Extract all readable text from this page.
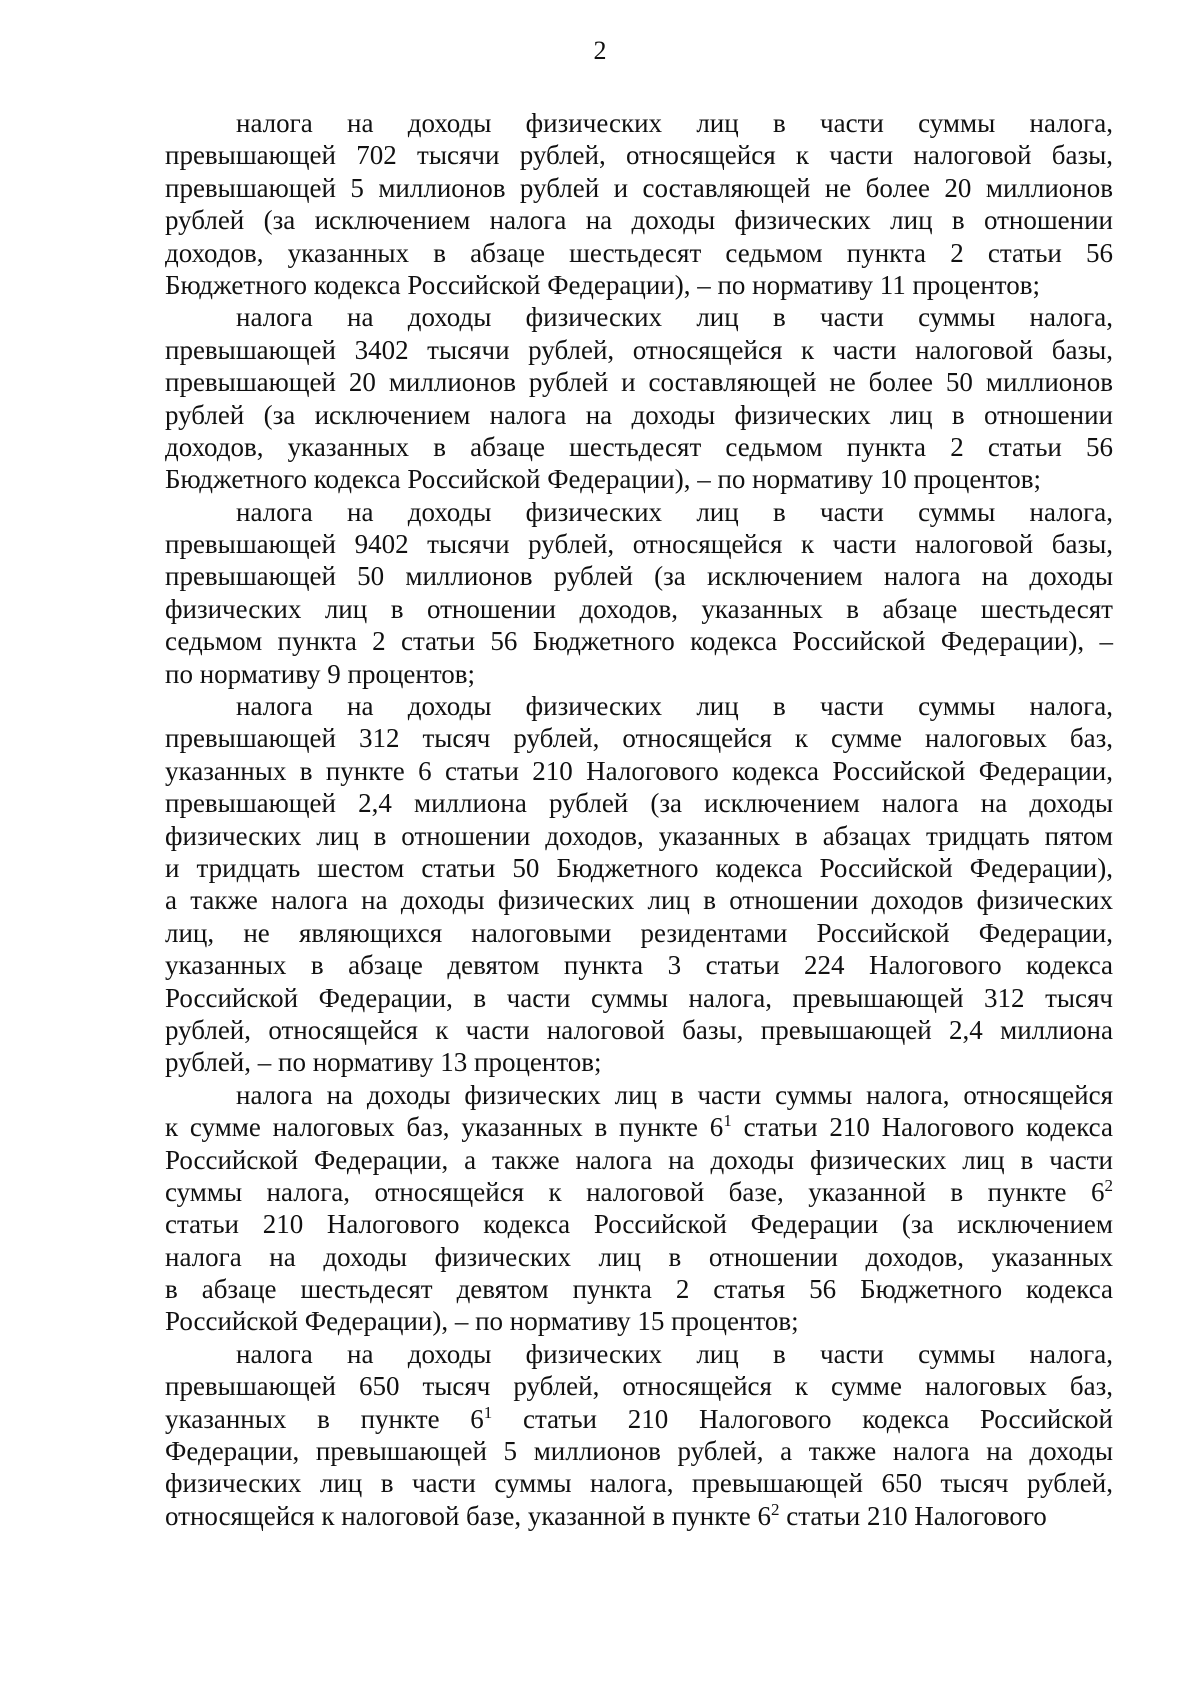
2
налога на доходы физических лиц в части суммы налога,
превышающей 702 тысячи рублей, относящейся к части налоговой базы,
превышающей 5 миллионов рублей и составляющей не более 20 миллионов
рублей (за исключением налога на доходы физических лиц в отношении
доходов, указанных в абзаце шестьдесят седьмом пункта 2 статьи 56
Бюджетного кодекса Российской Федерации), – по нормативу 11 процентов;
налога на доходы физических лиц в части суммы налога,
превышающей 3402 тысячи рублей, относящейся к части налоговой базы,
превышающей 20 миллионов рублей и составляющей не более 50 миллионов
рублей (за исключением налога на доходы физических лиц в отношении
доходов, указанных в абзаце шестьдесят седьмом пункта 2 статьи 56
Бюджетного кодекса Российской Федерации), – по нормативу 10 процентов;
налога на доходы физических лиц в части суммы налога,
превышающей 9402 тысячи рублей, относящейся к части налоговой базы,
превышающей 50 миллионов рублей (за исключением налога на доходы
физических лиц в отношении доходов, указанных в абзаце шестьдесят
седьмом пункта 2 статьи 56 Бюджетного кодекса Российской Федерации), –
по нормативу 9 процентов;
налога на доходы физических лиц в части суммы налога,
превышающей 312 тысяч рублей, относящейся к сумме налоговых баз,
указанных в пункте 6 статьи 210 Налогового кодекса Российской Федерации,
превышающей 2,4 миллиона рублей (за исключением налога на доходы
физических лиц в отношении доходов, указанных в абзацах тридцать пятом
и тридцать шестом статьи 50 Бюджетного кодекса Российской Федерации),
а также налога на доходы физических лиц в отношении доходов физических
лиц, не являющихся налоговыми резидентами Российской Федерации,
указанных в абзаце девятом пункта 3 статьи 224 Налогового кодекса
Российской Федерации, в части суммы налога, превышающей 312 тысяч
рублей, относящейся к части налоговой базы, превышающей 2,4 миллиона
рублей, – по нормативу 13 процентов;
налога на доходы физических лиц в части суммы налога, относящейся
к сумме налоговых баз, указанных в пункте $6^1$ статьи 210 Налогового кодекса
Российской Федерации, а также налога на доходы физических лиц в части
суммы налога, относящейся к налоговой базе, указанной в пункте $6^2$
статьи 210 Налогового кодекса Российской Федерации (за исключением
налога на доходы физических лиц в отношении доходов, указанных
в абзаце шестьдесят девятом пункта 2 статья 56 Бюджетного кодекса
Российской Федерации), – по нормативу 15 процентов;
налога на доходы физических лиц в части суммы налога,
превышающей 650 тысяч рублей, относящейся к сумме налоговых баз,
указанных в пункте $6^1$ статьи 210 Налогового кодекса Российской
Федерации, превышающей 5 миллионов рублей, а также налога на доходы
физических лиц в части суммы налога, превышающей 650 тысяч рублей,
относящейся к налоговой базе, указанной в пункте $6^2$ статьи 210 Налогового
